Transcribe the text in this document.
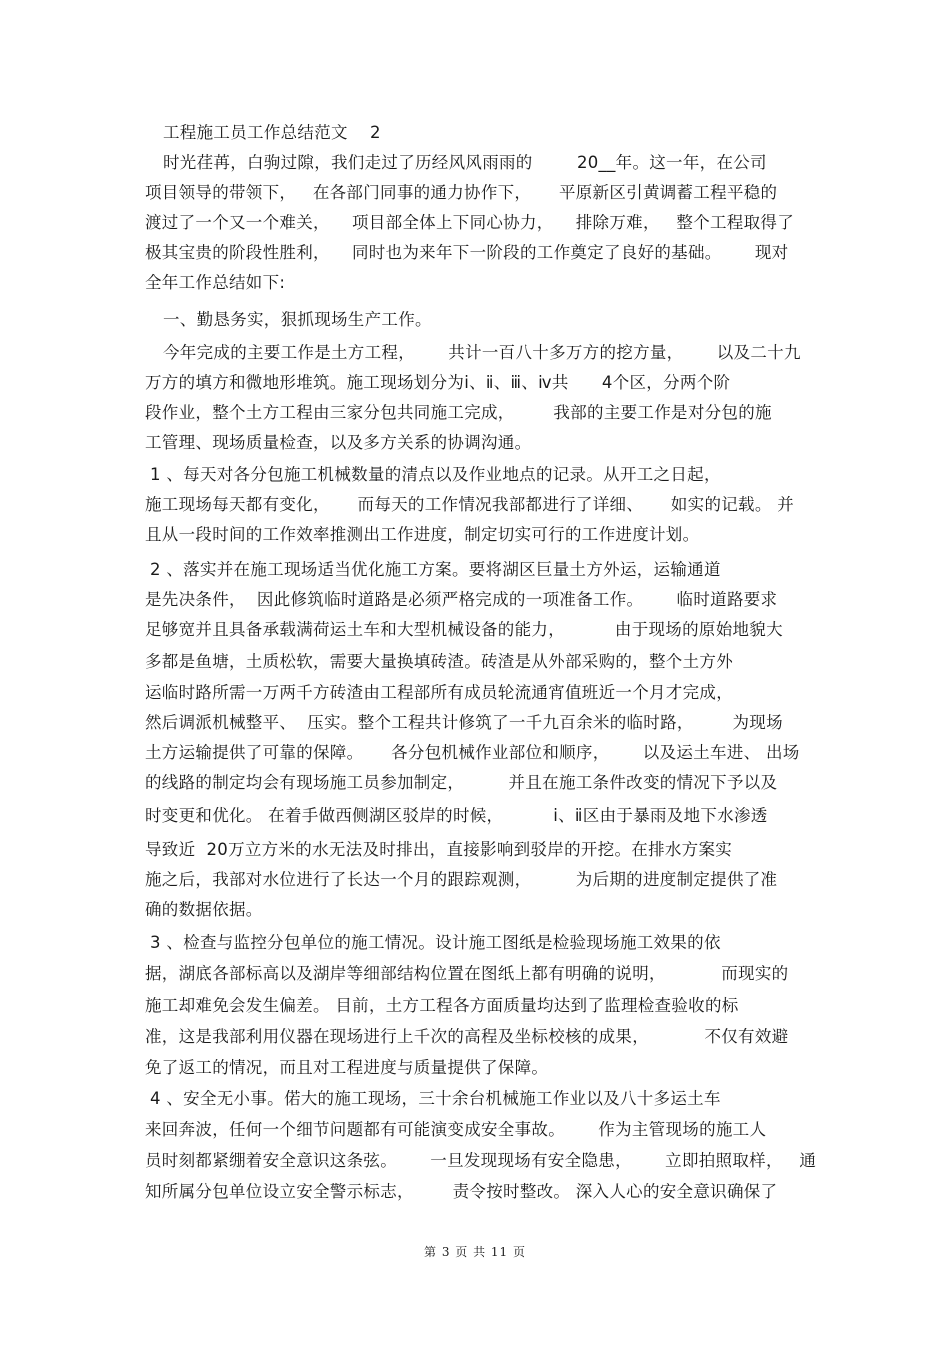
工程施工员工作总结范文    2
时光荏苒，白驹过隙，我们走过了历经风风雨雨的        20__年。这一年，在公司
项目领导的带领下，   在各部门同事的通力协作下，     平原新区引黄调蓄工程平稳的
渡过了一个又一个难关，    项目部全体上下同心协力，    排除万难，   整个工程取得了
极其宝贵的阶段性胜利，    同时也为来年下一阶段的工作奠定了良好的基础。      现对
全年工作总结如下:
一、勤恳务实，狠抓现场生产工作。
今年完成的主要工作是土方工程，      共计一百八十多万方的挖方量，      以及二十九
万方的填方和微地形堆筑。施工现场划分为ⅰ、ⅱ、ⅲ、ⅳ共      4个区，分两个阶
段作业，整个土方工程由三家分包共同施工完成，       我部的主要工作是对分包的施
工管理、现场质量检查，以及多方关系的协调沟通。
1 、每天对各分包施工机械数量的清点以及作业地点的记录。从开工之日起，
施工现场每天都有变化，     而每天的工作情况我部都进行了详细、     如实的记载。 并
且从一段时间的工作效率推测出工作进度，制定切实可行的工作进度计划。
2 、落实并在施工现场适当优化施工方案。要将湖区巨量土方外运，运输通道
是先决条件，  因此修筑临时道路是必须严格完成的一项准备工作。      临时道路要求
足够宽并且具备承载满荷运土车和大型机械设备的能力，         由于现场的原始地貌大
多都是鱼塘，土质松软，需要大量换填砖渣。砖渣是从外部采购的，整个土方外
运临时路所需一万两千方砖渣由工程部所有成员轮流通宵值班近一个月才完成，
然后调派机械整平、  压实。整个工程共计修筑了一千九百余米的临时路，       为现场
土方运输提供了可靠的保障。     各分包机械作业部位和顺序，      以及运土车进、 出场
的线路的制定均会有现场施工员参加制定，        并且在施工条件改变的情况下予以及
时变更和优化。 在着手做西侧湖区驳岸的时候，         ⅰ、ⅱ区由于暴雨及地下水渗透
导致近  20万立方米的水无法及时排出，直接影响到驳岸的开挖。在排水方案实
施之后，我部对水位进行了长达一个月的跟踪观测，        为后期的进度制定提供了准
确的数据依据。
3 、检查与监控分包单位的施工情况。设计施工图纸是检验现场施工效果的依
据，湖底各部标高以及湖岸等细部结构位置在图纸上都有明确的说明，          而现实的
施工却难免会发生偏差。 目前，土方工程各方面质量均达到了监理检查验收的标
准，这是我部利用仪器在现场进行上千次的高程及坐标校核的成果，          不仅有效避
免了返工的情况，而且对工程进度与质量提供了保障。
4 、安全无小事。偌大的施工现场，三十余台机械施工作业以及八十多运土车
来回奔波，任何一个细节问题都有可能演变成安全事故。      作为主管现场的施工人
员时刻都紧绷着安全意识这条弦。      一旦发现现场有安全隐患，      立即拍照取样，   通
知所属分包单位设立安全警示标志，       责令按时整改。 深入人心的安全意识确保了
第 3 页 共 11 页
